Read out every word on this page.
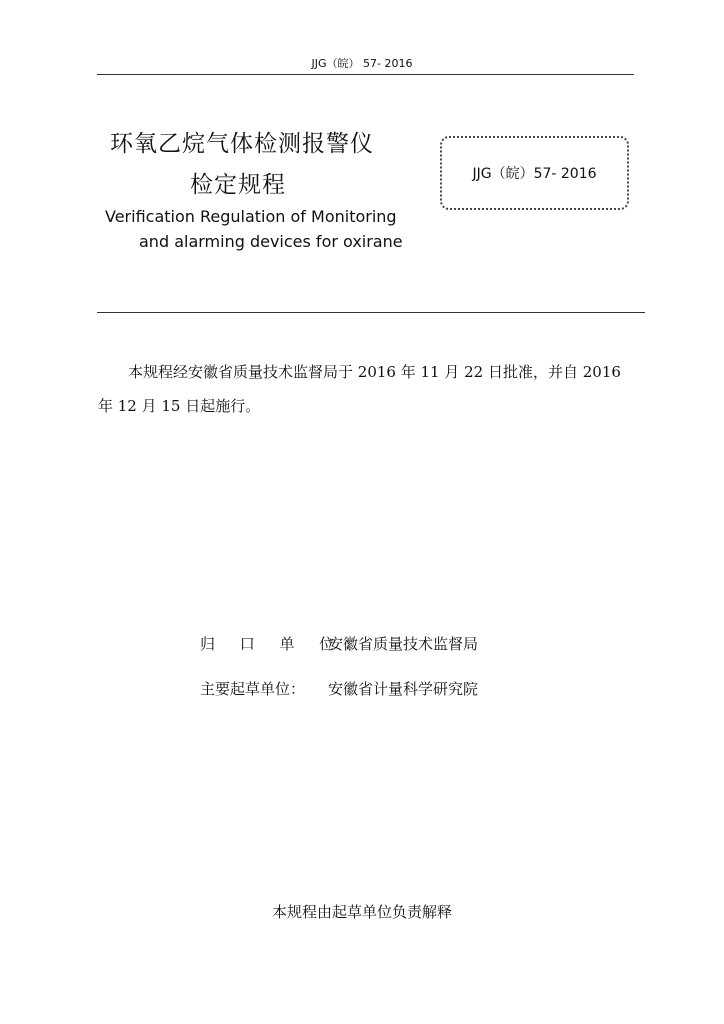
JJG（皖） 57- 2016
环氧乙烷气体检测报警仪
检定规程
Verification Regulation of Monitoring
and alarming devices for oxirane
JJG（皖）57- 2016
本规程经安徽省质量技术监督局于 2016 年 11 月 22 日批准，并自 2016 年 12 月 15 日起施行。
归 口 单 位：安徽省质量技术监督局
主要起草单位： 安徽省计量科学研究院
本规程由起草单位负责解释
